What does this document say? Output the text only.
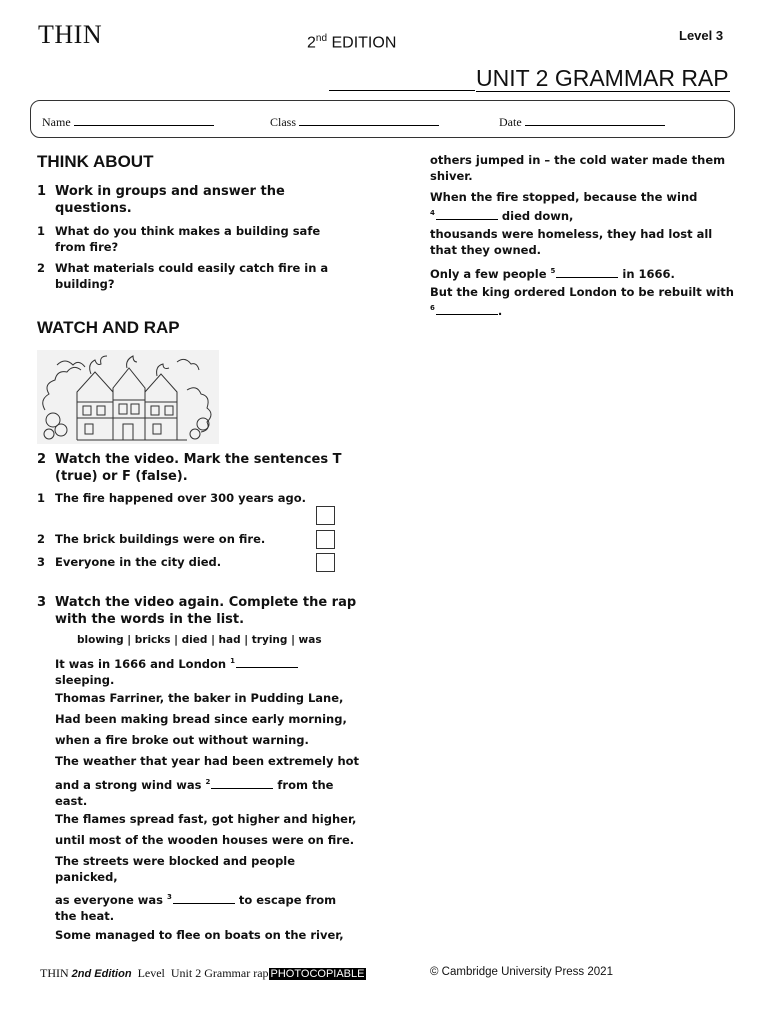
THIN	2nd EDITION	Level 3
UNIT 2 GRAMMAR RAP
Name	Class	Date
THINK ABOUT
1 Work in groups and answer the
questions.
1 What do you think makes a building safe
from fire?
2 What materials could easily catch fire in a
building?
WATCH AND RAP
2 Watch the video. Mark the sentences T
(true) or F (false).
1 The fire happened over 300 years ago.
2 The brick buildings were on fire.
3 Everyone in the city died.
3 Watch the video again. Complete the rap
with the words in the list.
blowing | bricks | died | had | trying | was
It was in 1666 and London $^1$
sleeping.
Thomas Farriner, the baker in Pudding Lane,
Had been making bread since early morning,
when a fire broke out without warning.
The weather that year had been extremely hot
and a strong wind was $^2$	from the
east.
The flames spread fast, got higher and higher,
until most of the wooden houses were on fire.
The streets were blocked and people
panicked,
as everyone was $^3$	to escape from
the heat.
Some managed to flee on boats on the river,
others jumped in – the cold water made them
shiver.
When the fire stopped, because the wind
$^4$	died down,
thousands were homeless, they had lost all
that they owned.
Only a few people $^5$	in 1666.
But the king ordered London to be rebuilt with
$^6$	.
THIN 2nd Edition Level Unit 2 Grammar rap PHOTOCOPIABLE	© Cambridge University Press 2021
